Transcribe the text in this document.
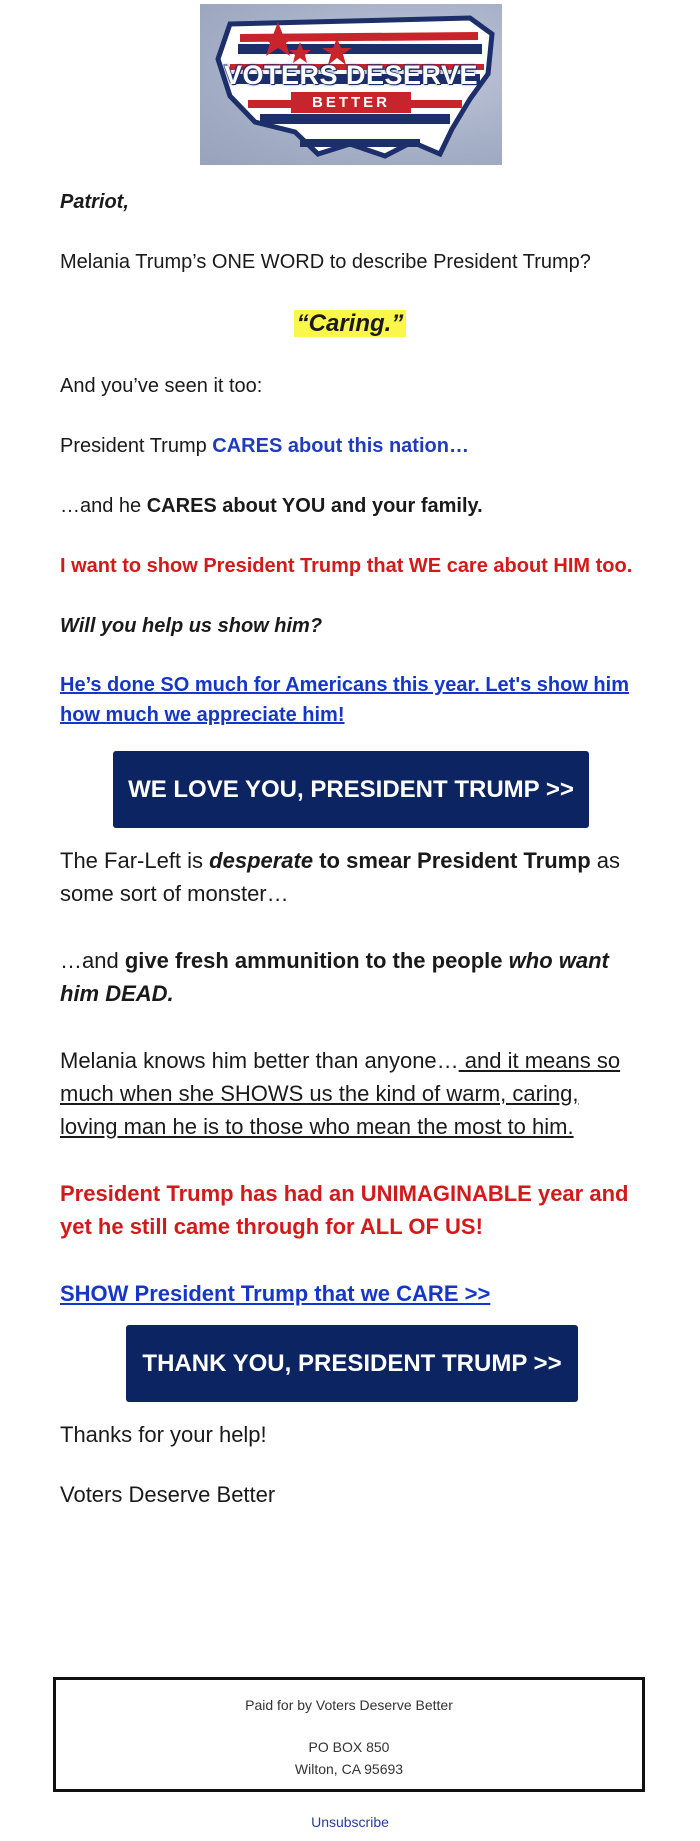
VOTERS DESERVE
BETTER

Patriot,

Melania Trump’s ONE WORD to describe President Trump?

“Caring.”

And you’ve seen it too:

President Trump CARES about this nation…

…and he CARES about YOU and your family.

I want to show President Trump that WE care about HIM too.

Will you help us show him?

He’s done SO much for Americans this year. Let's show him how much we appreciate him!
WE LOVE YOU, PRESIDENT TRUMP >>

The Far-Left is desperate to smear President Trump as some sort of monster…

…and give fresh ammunition to the people who want him DEAD.

Melania knows him better than anyone… and it means so much when she SHOWS us the kind of warm, caring, loving man he is to those who mean the most to him.

President Trump has had an UNIMAGINABLE year and yet he still came through for ALL OF US!

SHOW President Trump that we CARE >>
THANK YOU, PRESIDENT TRUMP >>

Thanks for your help!

Voters Deserve Better

Paid for by Voters Deserve Better
PO BOX 850
Wilton, CA 95693
Unsubscribe
